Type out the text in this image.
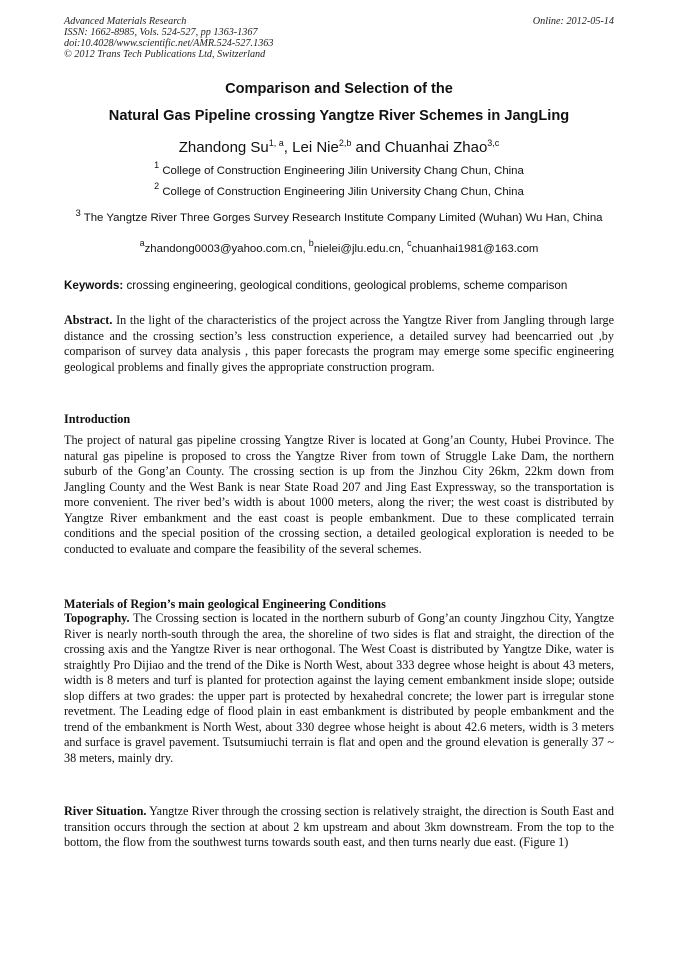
Advanced Materials Research
ISSN: 1662-8985, Vols. 524-527, pp 1363-1367
doi:10.4028/www.scientific.net/AMR.524-527.1363
© 2012 Trans Tech Publications Ltd, Switzerland
Online: 2012-05-14
Comparison and Selection of the
Natural Gas Pipeline crossing Yangtze River Schemes in JangLing
Zhandong Su$^{1, a}$, Lei Nie$^{2,b}$ and Chuanhai Zhao$^{3,c}$
$^1$ College of Construction Engineering Jilin University Chang Chun, China
$^2$ College of Construction Engineering Jilin University Chang Chun, China
$^3$ The Yangtze River Three Gorges Survey Research Institute Company Limited (Wuhan) Wu Han, China
$^a$zhandong0003@yahoo.com.cn, $^b$nielei@jlu.edu.cn, $^c$chuanhai1981@163.com
Keywords: crossing engineering, geological conditions, geological problems, scheme comparison
Abstract. In the light of the characteristics of the project across the Yangtze River from Jangling through large distance and the crossing section’s less construction experience, a detailed survey had beencarried out ,by comparison of survey data analysis , this paper forecasts the program may emerge some specific engineering geological problems and finally gives the appropriate construction program.
Introduction
The project of natural gas pipeline crossing Yangtze River is located at Gong’an County, Hubei Province. The natural gas pipeline is proposed to cross the Yangtze River from town of Struggle Lake Dam, the northern suburb of the Gong’an County. The crossing section is up from the Jinzhou City 26km, 22km down from Jangling County and the West Bank is near State Road 207 and Jing East Expressway, so the transportation is more convenient. The river bed’s width is about 1000 meters, along the river; the west coast is distributed by Yangtze River embankment and the east coast is people embankment. Due to these complicated terrain conditions and the special position of the crossing section, a detailed geological exploration is needed to be conducted to evaluate and compare the feasibility of the several schemes.
Materials of Region’s main geological Engineering Conditions
Topography. The Crossing section is located in the northern suburb of Gong’an county Jingzhou City, Yangtze River is nearly north-south through the area, the shoreline of two sides is flat and straight, the direction of the crossing axis and the Yangtze River is near orthogonal. The West Coast is distributed by Yangtze Dike, water is straightly Pro Dijiao and the trend of the Dike is North West, about 333 degree whose height is about 43 meters, width is 8 meters and turf is planted for protection against the laying cement embankment inside slope; outside slop differs at two grades: the upper part is protected by hexahedral concrete; the lower part is irregular stone revetment. The Leading edge of flood plain in east embankment is distributed by people embankment and the trend of the embankment is North West, about 330 degree whose height is about 42.6 meters, width is 3 meters and surface is gravel pavement. Tsutsumiuchi terrain is flat and open and the ground elevation is generally 37 ~ 38 meters, mainly dry.
River Situation. Yangtze River through the crossing section is relatively straight, the direction is South East and transition occurs through the section at about 2 km upstream and about 3km downstream. From the top to the bottom, the flow from the southwest turns towards south east, and then turns nearly due east. (Figure 1)
